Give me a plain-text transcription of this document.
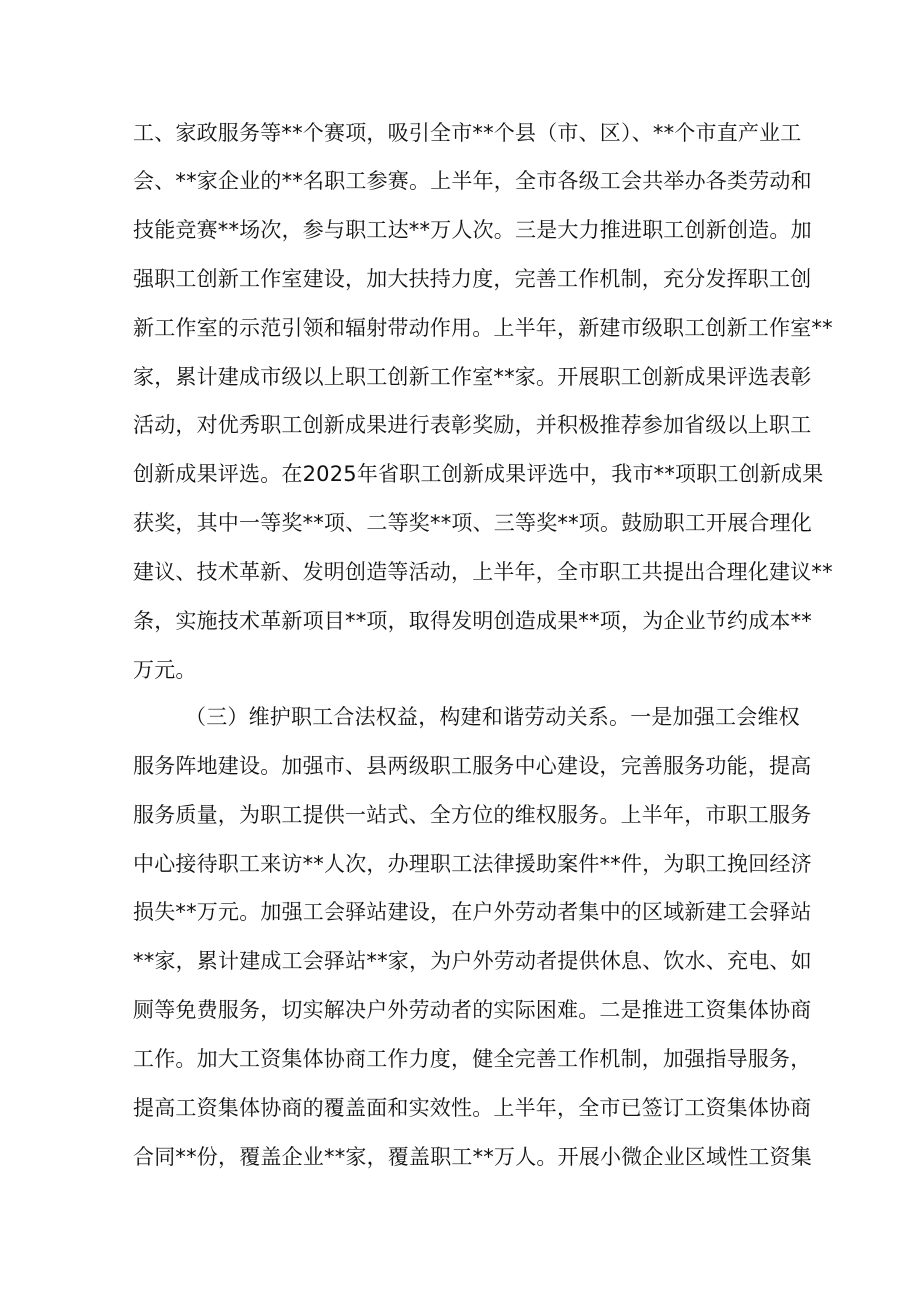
工、家政服务等**个赛项，吸引全市**个县（市、区）、**个市直产业工
会、**家企业的**名职工参赛。上半年，全市各级工会共举办各类劳动和
技能竞赛**场次，参与职工达**万人次。三是大力推进职工创新创造。加
强职工创新工作室建设，加大扶持力度，完善工作机制，充分发挥职工创
新工作室的示范引领和辐射带动作用。上半年，新建市级职工创新工作室**
家，累计建成市级以上职工创新工作室**家。开展职工创新成果评选表彰
活动，对优秀职工创新成果进行表彰奖励，并积极推荐参加省级以上职工
创新成果评选。在2025年省职工创新成果评选中，我市**项职工创新成果
获奖，其中一等奖**项、二等奖**项、三等奖**项。鼓励职工开展合理化
建议、技术革新、发明创造等活动，上半年，全市职工共提出合理化建议**
条，实施技术革新项目**项，取得发明创造成果**项，为企业节约成本**
万元。
（三）维护职工合法权益，构建和谐劳动关系。一是加强工会维权
服务阵地建设。加强市、县两级职工服务中心建设，完善服务功能，提高
服务质量，为职工提供一站式、全方位的维权服务。上半年，市职工服务
中心接待职工来访**人次，办理职工法律援助案件**件，为职工挽回经济
损失**万元。加强工会驿站建设，在户外劳动者集中的区域新建工会驿站
**家，累计建成工会驿站**家，为户外劳动者提供休息、饮水、充电、如
厕等免费服务，切实解决户外劳动者的实际困难。二是推进工资集体协商
工作。加大工资集体协商工作力度，健全完善工作机制，加强指导服务，
提高工资集体协商的覆盖面和实效性。上半年，全市已签订工资集体协商
合同**份，覆盖企业**家，覆盖职工**万人。开展小微企业区域性工资集
